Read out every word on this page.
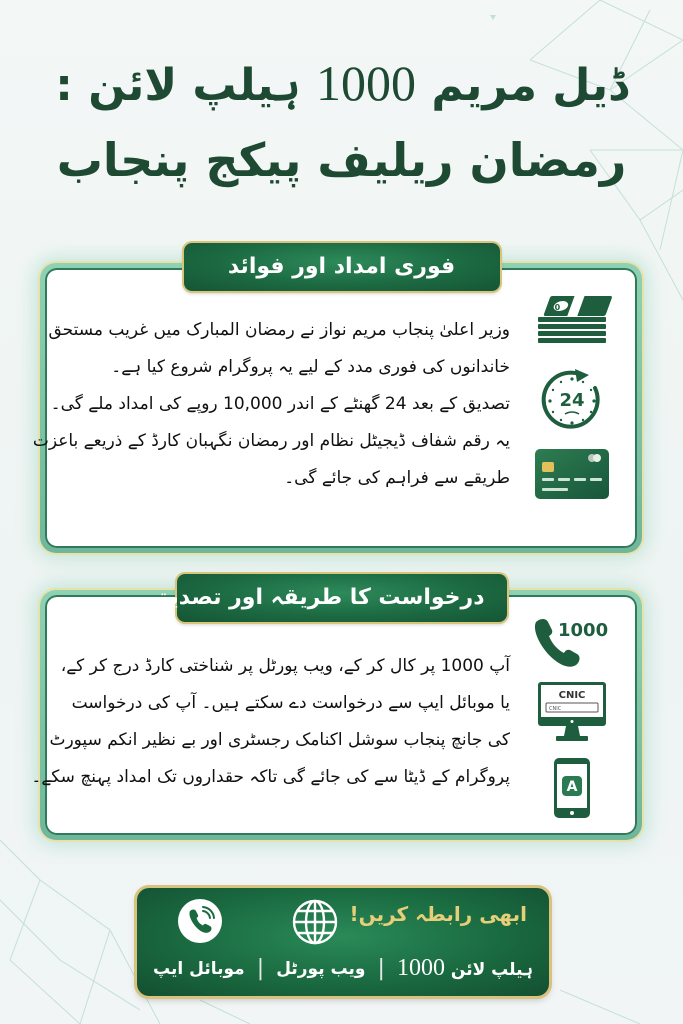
ڈیل مریم 1000 ہیلپ لائن :
رمضان ریلیف پیکج پنجاب
فوری امداد اور فوائد

وزیر اعلیٰ پنجاب مریم نواز نے رمضان المبارک میں غریب مستحق

خاندانوں کی فوری مدد کے لیے یہ پروگرام شروع کیا ہے۔

تصدیق کے بعد 24 گھنٹے کے اندر 10,000 روپے کی امداد ملے گی۔

یہ رقم شفاف ڈیجیٹل نظام اور رمضان نگہبان کارڈ کے ذریعے باعزت

طریقے سے فراہم کی جائے گی۔

10
24
درخواست کا طریقہ اور تصدیق

آپ 1000 پر کال کر کے، ویب پورٹل پر شناختی کارڈ درج کر کے،

یا موبائل ایپ سے درخواست دے سکتے ہیں۔ آپ کی درخواست

کی جانچ پنجاب سوشل اکنامک رجسٹری اور بے نظیر انکم سپورٹ

پروگرام کے ڈیٹا سے کی جائے گی تاکہ حقداروں تک امداد پہنچ سکے۔

1000
CNIC
CNIC
A
ابھی رابطہ کریں!
ہیلپ لائن 1000
|
ویب پورٹل
|
موبائل ایپ
